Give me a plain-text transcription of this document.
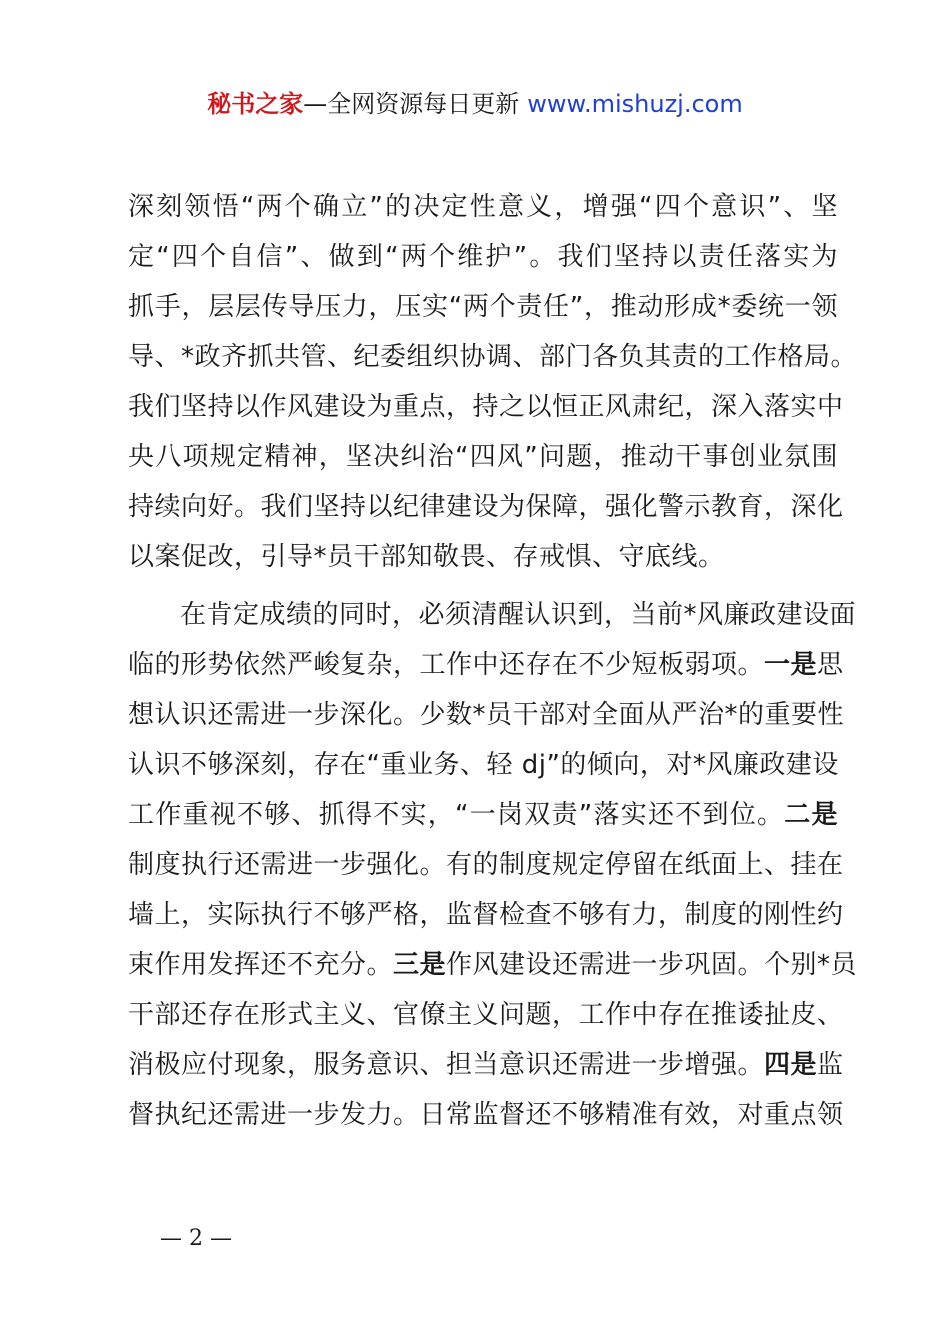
秘书之家—全网资源每日更新 www.mishuzj.com
深刻领悟“两个确立”的决定性意义，增强“四个意识”、坚
定“四个自信”、做到“两个维护”。我们坚持以责任落实为
抓手，层层传导压力，压实“两个责任”，推动形成*委统一领
导、*政齐抓共管、纪委组织协调、部门各负其责的工作格局。
我们坚持以作风建设为重点，持之以恒正风肃纪，深入落实中
央八项规定精神，坚决纠治“四风”问题，推动干事创业氛围
持续向好。我们坚持以纪律建设为保障，强化警示教育，深化
以案促改，引导*员干部知敬畏、存戒惧、守底线。
在肯定成绩的同时，必须清醒认识到，当前*风廉政建设面
临的形势依然严峻复杂，工作中还存在不少短板弱项。一是思
想认识还需进一步深化。少数*员干部对全面从严治*的重要性
认识不够深刻，存在“重业务、轻 dj”的倾向，对*风廉政建设
工作重视不够、抓得不实，“一岗双责”落实还不到位。二是
制度执行还需进一步强化。有的制度规定停留在纸面上、挂在
墙上，实际执行不够严格，监督检查不够有力，制度的刚性约
束作用发挥还不充分。三是作风建设还需进一步巩固。个别*员
干部还存在形式主义、官僚主义问题，工作中存在推诿扯皮、
消极应付现象，服务意识、担当意识还需进一步增强。四是监
督执纪还需进一步发力。日常监督还不够精准有效，对重点领
— 2 —
